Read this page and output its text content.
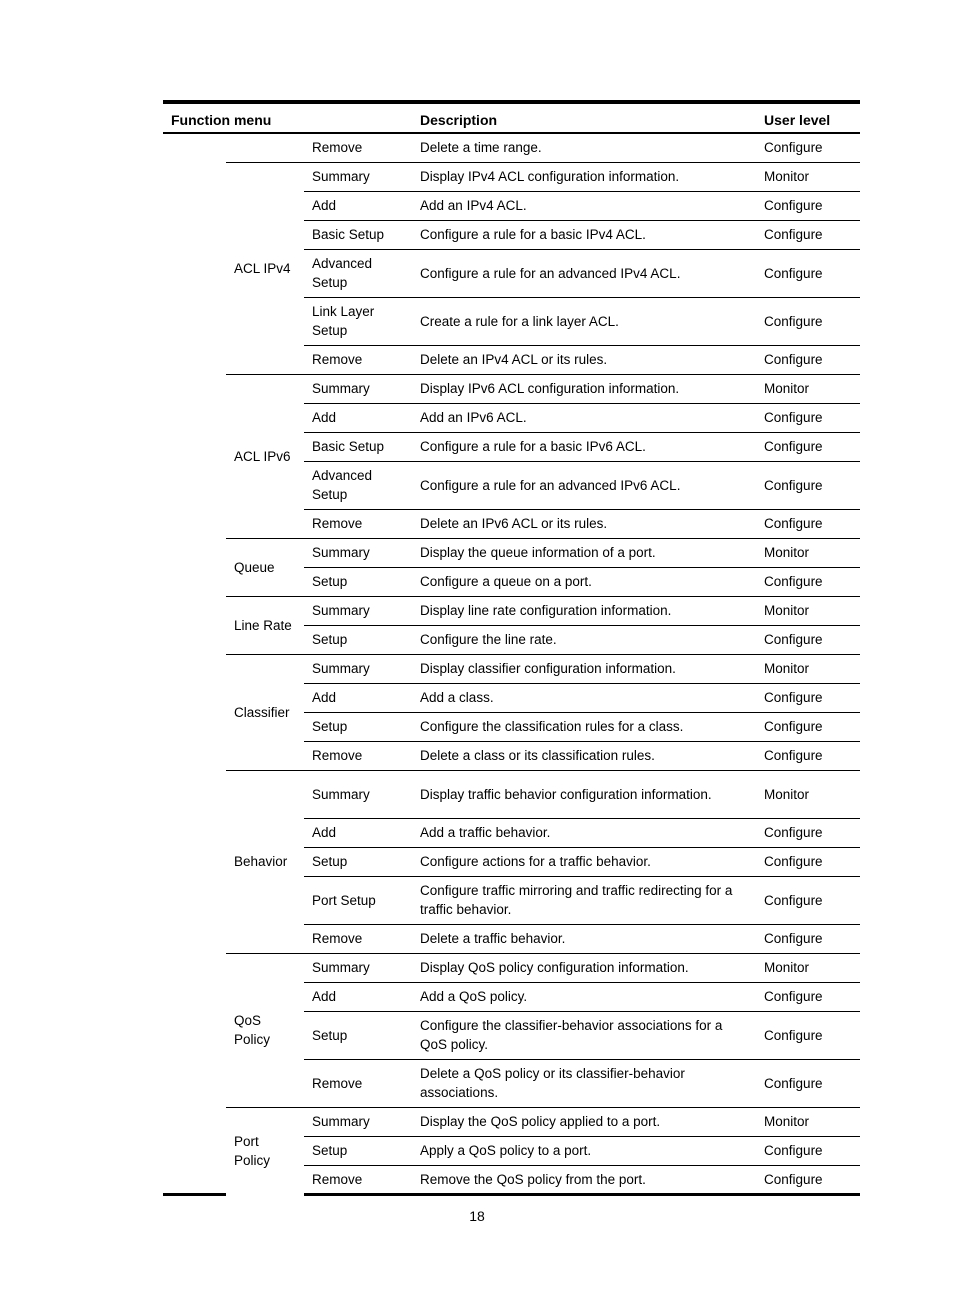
Function menu			Description	User level
		Remove	Delete a time range.	Configure
	ACL IPv4	Summary	Display IPv4 ACL configuration information.	Monitor
		Add	Add an IPv4 ACL.	Configure
		Basic Setup	Configure a rule for a basic IPv4 ACL.	Configure
		Advanced Setup	Configure a rule for an advanced IPv4 ACL.	Configure
		Link Layer Setup	Create a rule for a link layer ACL.	Configure
		Remove	Delete an IPv4 ACL or its rules.	Configure
	ACL IPv6	Summary	Display IPv6 ACL configuration information.	Monitor
		Add	Add an IPv6 ACL.	Configure
		Basic Setup	Configure a rule for a basic IPv6 ACL.	Configure
		Advanced Setup	Configure a rule for an advanced IPv6 ACL.	Configure
		Remove	Delete an IPv6 ACL or its rules.	Configure
	Queue	Summary	Display the queue information of a port.	Monitor
		Setup	Configure a queue on a port.	Configure
	Line Rate	Summary	Display line rate configuration information.	Monitor
		Setup	Configure the line rate.	Configure
	Classifier	Summary	Display classifier configuration information.	Monitor
		Add	Add a class.	Configure
		Setup	Configure the classification rules for a class.	Configure
		Remove	Delete a class or its classification rules.	Configure
	Behavior	Summary	Display traffic behavior configuration information.	Monitor
		Add	Add a traffic behavior.	Configure
		Setup	Configure actions for a traffic behavior.	Configure
		Port Setup	Configure traffic mirroring and traffic redirecting for a traffic behavior.	Configure
		Remove	Delete a traffic behavior.	Configure
	QoS Policy	Summary	Display QoS policy configuration information.	Monitor
		Add	Add a QoS policy.	Configure
		Setup	Configure the classifier-behavior associations for a QoS policy.	Configure
		Remove	Delete a QoS policy or its classifier-behavior associations.	Configure
	Port Policy	Summary	Display the QoS policy applied to a port.	Monitor
		Setup	Apply a QoS policy to a port.	Configure
		Remove	Remove the QoS policy from the port.	Configure
18
